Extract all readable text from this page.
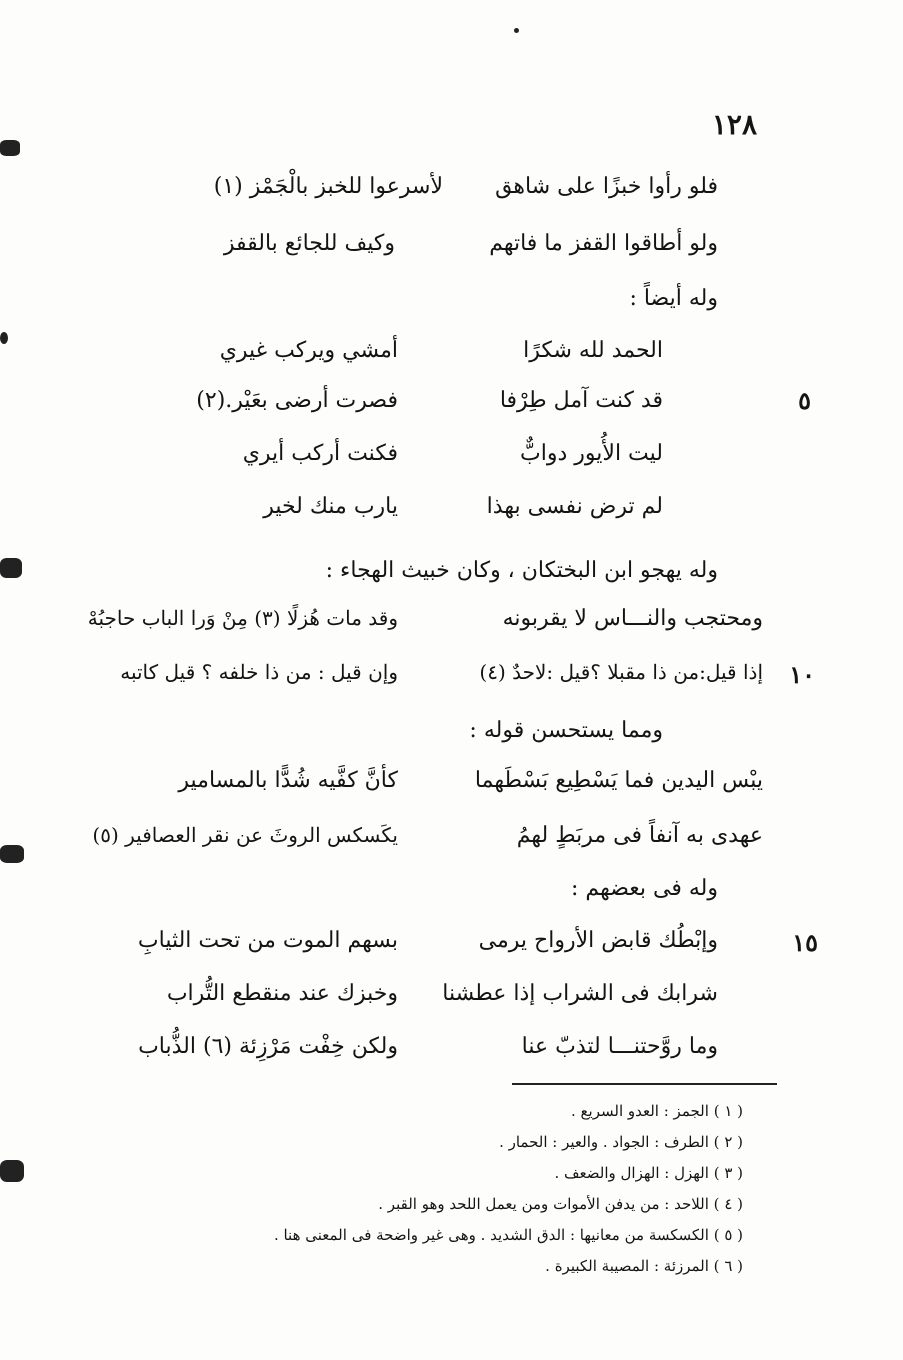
١٢٨
فلو رأوا خبزًا على شاهق
لأسرعوا للخبز بالْجَمْز (١)
ولو أطاقوا القفز ما فاتهم
وكيف للجائع بالقفز
وله أيضاً :
الحمد لله شكرًا
أمشي ويركب غيري
٥
قد كنت آمل طِرْفا
فصرت أرضى بعَيْر.(٢)
ليت الأُيور دوابٌّ
فكنت أركب أيري
لم ترض نفسى بهذا
يارب منك لخير
وله يهجو ابن البختكان ، وكان خبيث الهجاء :
ومحتجب والنـــاس لا يقربونه
وقد مات هُزلًا (٣) مِنْ وَرا الباب حاجبُهْ
١٠
إذا قيل:من ذا مقبلا ؟قيل :لاحدٌ (٤)
وإن قيل : من ذا خلفه ؟ قيل كاتبه
ومما يستحسن قوله :
يبْس اليدين فما يَسْطِيع بَسْطَهما
كأنَّ كفَّيه شُدًّا بالمسامير
عهدى به آنفاً فى مربَطٍ لهمُ
يكَسكس الروثَ عن نقر العصافير (٥)
وله فى بعضهم :
١٥
وإبْطُك قابض الأرواح يرمى
بسهم الموت من تحت الثيابِ
شرابك فى الشراب إذا عطشنا
وخبزك عند منقطع التُّراب
وما روَّحتنـــا لتذبّ عنا
ولكن خِفْت مَرْزِئة (٦) الذُّباب
( ١ ) الجمز : العدو السريع .
( ٢ ) الطرف : الجواد . والعير : الحمار .
( ٣ ) الهزل : الهزال والضعف .
( ٤ ) اللاحد : من يدفن الأموات ومن يعمل اللحد وهو القبر .
( ٥ ) الكسكسة من معانيها : الدق الشديد . وهى غير واضحة فى المعنى هنا .
( ٦ ) المرزئة : المصيبة الكبيرة .
